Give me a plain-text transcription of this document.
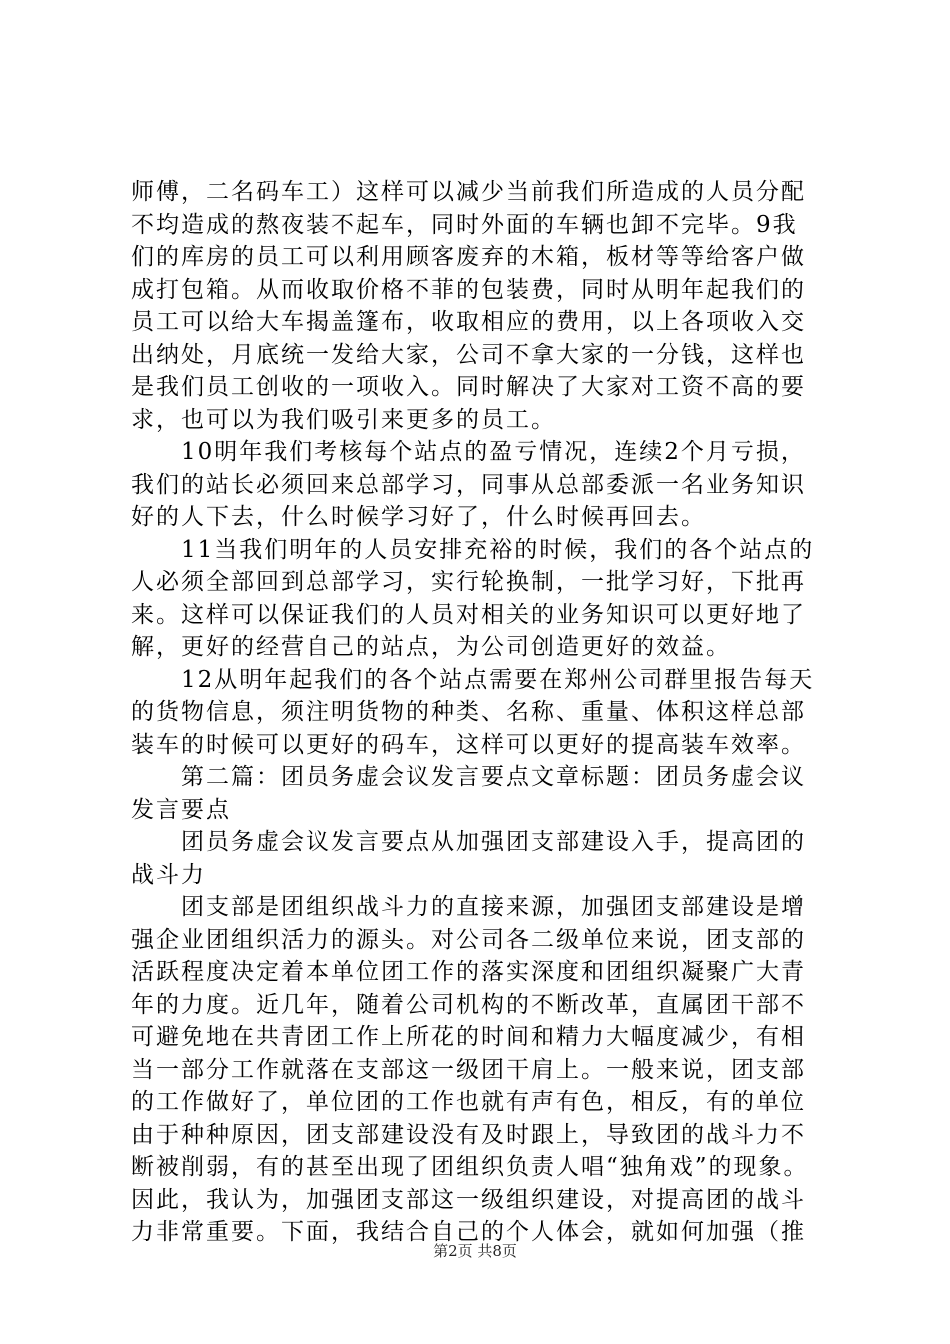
师傅，二名码车工）这样可以减少当前我们所造成的人员分配
不均造成的熬夜装不起车，同时外面的车辆也卸不完毕。9我
们的库房的员工可以利用顾客废弃的木箱，板材等等给客户做
成打包箱。从而收取价格不菲的包装费，同时从明年起我们的
员工可以给大车揭盖篷布，收取相应的费用，以上各项收入交
出纳处，月底统一发给大家，公司不拿大家的一分钱，这样也
是我们员工创收的一项收入。同时解决了大家对工资不高的要
求，也可以为我们吸引来更多的员工。
　　10明年我们考核每个站点的盈亏情况，连续2个月亏损，
我们的站长必须回来总部学习，同事从总部委派一名业务知识
好的人下去，什么时候学习好了，什么时候再回去。
　　11当我们明年的人员安排充裕的时候，我们的各个站点的
人必须全部回到总部学习，实行轮换制，一批学习好，下批再
来。这样可以保证我们的人员对相关的业务知识可以更好地了
解，更好的经营自己的站点，为公司创造更好的效益。
　　12从明年起我们的各个站点需要在郑州公司群里报告每天
的货物信息，须注明货物的种类、名称、重量、体积这样总部
装车的时候可以更好的码车，这样可以更好的提高装车效率。
　　第二篇：团员务虚会议发言要点文章标题：团员务虚会议
发言要点
　　团员务虚会议发言要点从加强团支部建设入手，提高团的
战斗力
　　团支部是团组织战斗力的直接来源，加强团支部建设是增
强企业团组织活力的源头。对公司各二级单位来说，团支部的
活跃程度决定着本单位团工作的落实深度和团组织凝聚广大青
年的力度。近几年，随着公司机构的不断改革，直属团干部不
可避免地在共青团工作上所花的时间和精力大幅度减少，有相
当一部分工作就落在支部这一级团干肩上。一般来说，团支部
的工作做好了，单位团的工作也就有声有色，相反，有的单位
由于种种原因，团支部建设没有及时跟上，导致团的战斗力不
断被削弱，有的甚至出现了团组织负责人唱“独角戏”的现象。
因此，我认为，加强团支部这一级组织建设，对提高团的战斗
力非常重要。下面，我结合自己的个人体会，就如何加强（推
第2页 共8页
